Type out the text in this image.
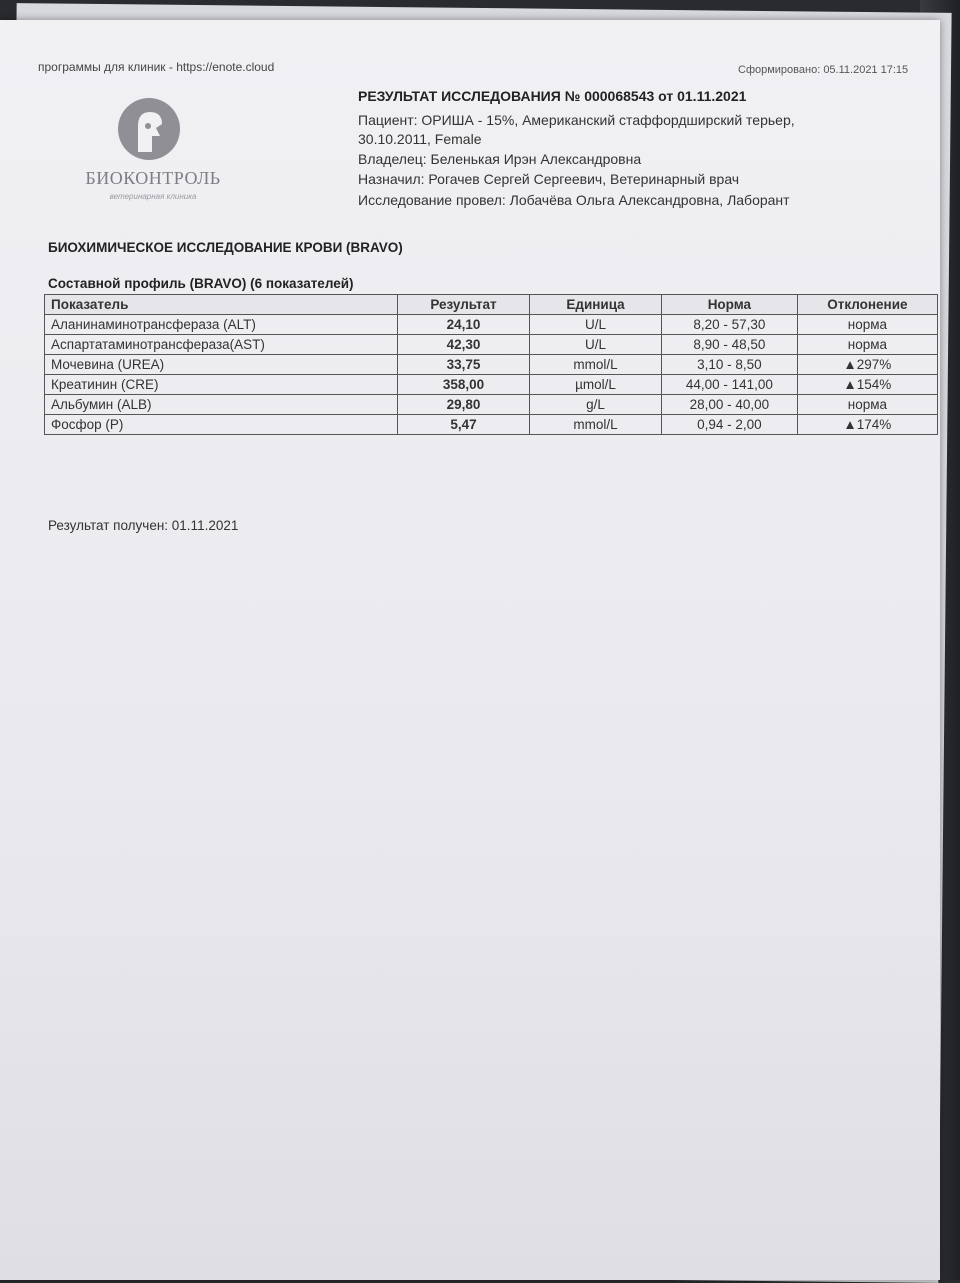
программы для клиник - https://enote.cloud	Сформировано: 05.11.2021 17:15
БИОКОНТРОЛЬ
ветеринарная клиника
РЕЗУЛЬТАТ ИССЛЕДОВАНИЯ № 000068543 от 01.11.2021
Пациент: ОРИША - 15%, Американский стаффордширский терьер,
30.10.2011, Female
Владелец: Беленькая Ирэн Александровна
Назначил: Рогачев Сергей Сергеевич, Ветеринарный врач
Исследование провел: Лобачёва Ольга Александровна, Лаборант
БИОХИМИЧЕСКОЕ ИССЛЕДОВАНИЕ КРОВИ (BRAVO)
Составной профиль (BRAVO) (6 показателей)
Показатель	Результат	Единица	Норма	Отклонение
Аланинаминотрансфераза (ALT)	24,10	U/L	8,20 - 57,30	норма
Аспартатаминотрансфераза(AST)	42,30	U/L	8,90 - 48,50	норма
Мочевина (UREA)	33,75	mmol/L	3,10 - 8,50	▲297%
Креатинин (CRE)	358,00	µmol/L	44,00 - 141,00	▲154%
Альбумин (ALB)	29,80	g/L	28,00 - 40,00	норма
Фосфор (P)	5,47	mmol/L	0,94 - 2,00	▲174%
Результат получен: 01.11.2021
